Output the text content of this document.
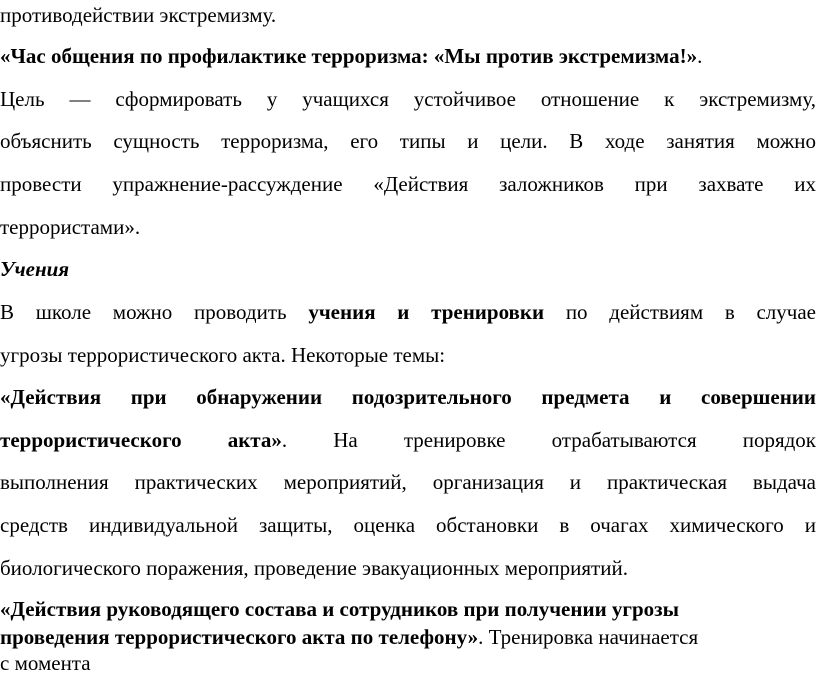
противодействии экстремизму.
«Час общения по профилактике терроризма: «Мы против экстремизма!».
Цель — сформировать у учащихся устойчивое отношение к экстремизму,
объяснить сущность терроризма, его типы и цели. В ходе занятия можно
провести упражнение-рассуждение «Действия заложников при захвате их
террористами».
Учения
В школе можно проводить учения и тренировки по действиям в случае
угрозы террористического акта. Некоторые темы:
«Действия при обнаружении подозрительного предмета и совершении
террористического акта». На тренировке отрабатываются порядок
выполнения практических мероприятий, организация и практическая выдача
средств индивидуальной защиты, оценка обстановки в очагах химического и
биологического поражения, проведение эвакуационных мероприятий.
«Действия руководящего состава и сотрудников при получении угрозы
проведения террористического акта по телефону». Тренировка начинается
с момента
